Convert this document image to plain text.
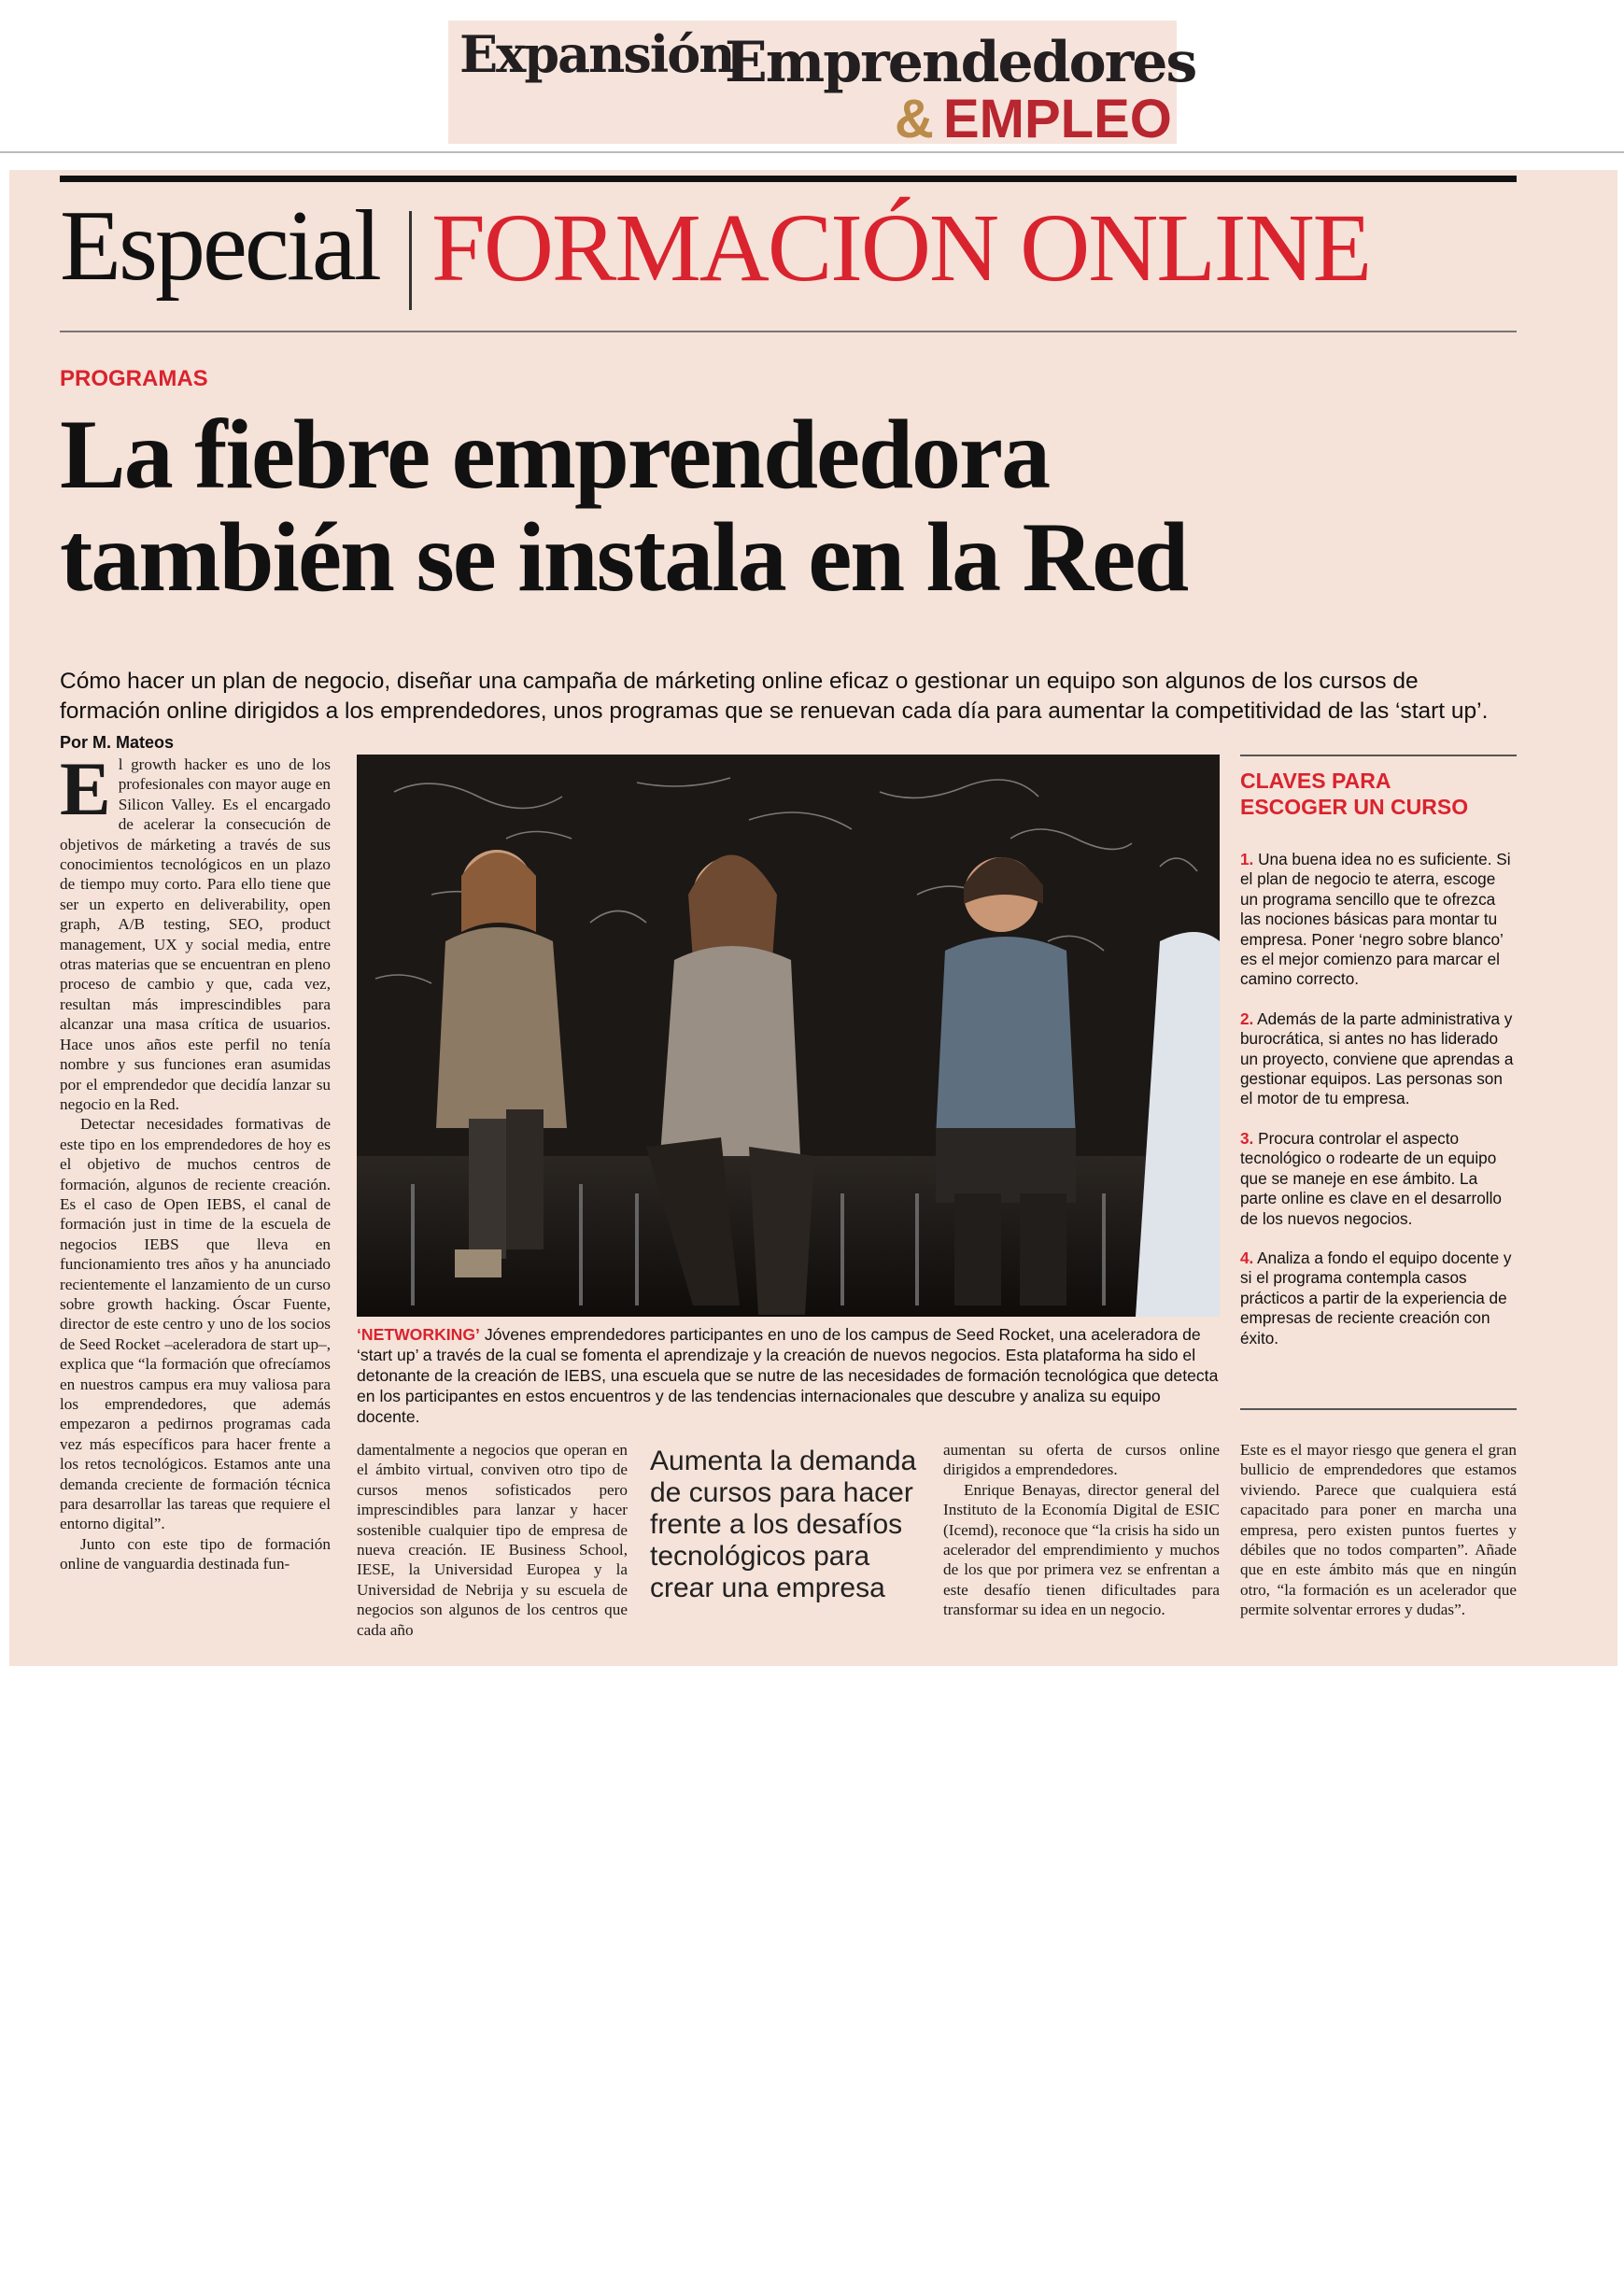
Expansión
Emprendedores
& EMPLEO
Especial FORMACIÓN ONLINE
PROGRAMAS
La fiebre emprendedora
también se instala en la Red
Cómo hacer un plan de negocio, diseñar una campaña de márketing online eficaz o gestionar un equipo son algunos de los cursos de formación online dirigidos a los emprendedores, unos programas que se renuevan cada día para aumentar la competitividad de las ‘start up’. Por M. Mateos

El growth hacker es uno de los profesionales con mayor auge en Silicon Valley. Es el encargado de acelerar la consecución de objetivos de márketing a través de sus conocimientos tecnológicos en un plazo de tiempo muy corto. Para ello tiene que ser un experto en deliverability, open graph, A/B testing, SEO, product management, UX y social media, entre otras materias que se encuentran en pleno proceso de cambio y que, cada vez, resultan más imprescindibles para alcanzar una masa crítica de usuarios. Hace unos años este perfil no tenía nombre y sus funciones eran asumidas por el emprendedor que decidía lanzar su negocio en la Red.

Detectar necesidades formativas de este tipo en los emprendedores de hoy es el objetivo de muchos centros de formación, algunos de reciente creación. Es el caso de Open IEBS, el canal de formación just in time de la escuela de negocios IEBS que lleva en funcionamiento tres años y ha anunciado recientemente el lanzamiento de un curso sobre growth hacking. Óscar Fuente, director de este centro y uno de los socios de Seed Rocket –aceleradora de start up–, explica que “la formación que ofrecíamos en nuestros campus era muy valiosa para los emprendedores, que además empezaron a pedirnos programas cada vez más específicos para hacer frente a los retos tecnológicos. Estamos ante una demanda creciente de formación técnica para desarrollar las tareas que requiere el entorno digital”.

Junto con este tipo de formación online de vanguardia destinada fun-

‘NETWORKING’ Jóvenes emprendedores participantes en uno de los campus de Seed Rocket, una aceleradora de ‘start up’ a través de la cual se fomenta el aprendizaje y la creación de nuevos negocios. Esta plataforma ha sido el detonante de la creación de IEBS, una escuela que se nutre de las necesidades de formación tecnológica que detecta en los participantes en estos encuentros y de las tendencias internacionales que descubre y analiza su equipo docente.

damentalmente a negocios que operan en el ámbito virtual, conviven otro tipo de cursos menos sofisticados pero imprescindibles para lanzar y hacer sostenible cualquier tipo de empresa de nueva creación. IE Business School, IESE, la Universidad Europea y la Universidad de Nebrija y su escuela de negocios son algunos de los centros que cada año

Aumenta la demanda de cursos para hacer frente a los desafíos tecnológicos para crear una empresa

aumentan su oferta de cursos online dirigidos a emprendedores.

Enrique Benayas, director general del Instituto de la Economía Digital de ESIC (Icemd), reconoce que “la crisis ha sido un acelerador del emprendimiento y muchos de los que por primera vez se enfrentan a este desafío tienen dificultades para transformar su idea en un negocio.

CLAVES PARA
ESCOGER UN CURSO
1. Una buena idea no es suficiente. Si el plan de negocio te aterra, escoge un programa sencillo que te ofrezca las nociones básicas para montar tu empresa. Poner ‘negro sobre blanco’ es el mejor comienzo para marcar el camino correcto.
2. Además de la parte administrativa y burocrática, si antes no has liderado un proyecto, conviene que aprendas a gestionar equipos. Las personas son el motor de tu empresa.
3. Procura controlar el aspecto tecnológico o rodearte de un equipo que se maneje en ese ámbito. La parte online es clave en el desarrollo de los nuevos negocios.
4. Analiza a fondo el equipo docente y si el programa contempla casos prácticos a partir de la experiencia de empresas de reciente creación con éxito.

Este es el mayor riesgo que genera el gran bullicio de emprendedores que estamos viviendo. Parece que cualquiera está capacitado para poner en marcha una empresa, pero existen puntos fuertes y débiles que no todos comparten”. Añade que en este ámbito más que en ningún otro, “la formación es un acelerador que permite solventar errores y dudas”.
